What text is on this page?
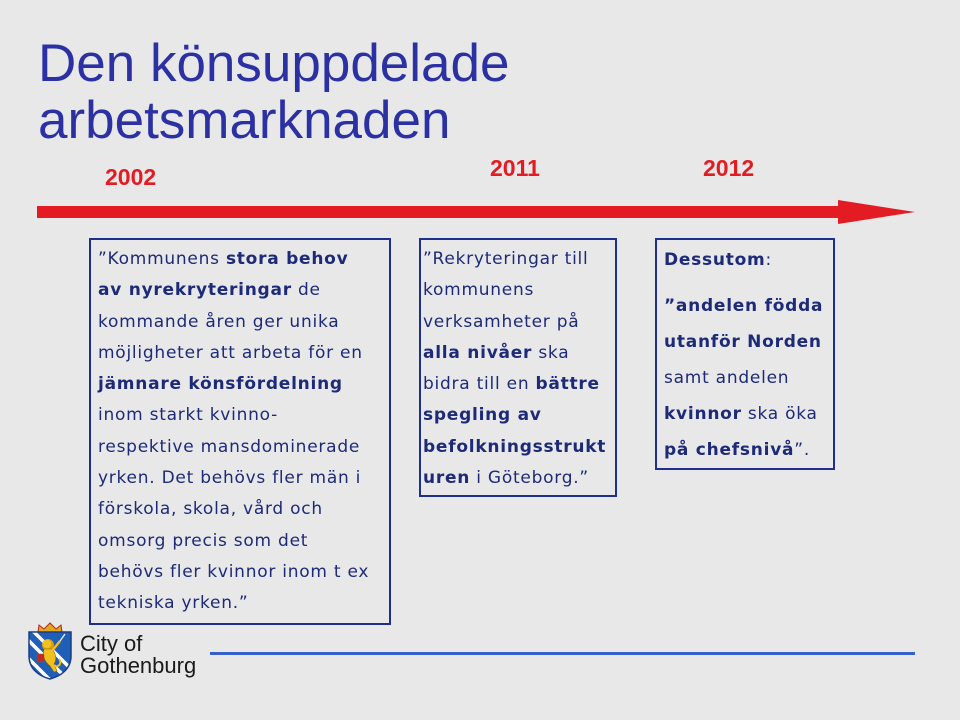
Den könsuppdelade
arbetsmarknaden
2002	2011	2012
”Kommunens stora behov
av nyrekryteringar de
kommande åren ger unika
möjligheter att arbeta för en
jämnare könsfördelning
inom starkt kvinno-
respektive mansdominerade
yrken. Det behövs fler män i
förskola, skola, vård och
omsorg precis som det
behövs fler kvinnor inom t ex
tekniska yrken.”
”Rekryteringar till
kommunens
verksamheter på
alla nivåer ska
bidra till en bättre
spegling av
befolkningsstrukt
uren i Göteborg.”
Dessutom:
”andelen födda
utanför Norden
samt andelen
kvinnor ska öka
på chefsnivå”.
City of
Gothenburg
